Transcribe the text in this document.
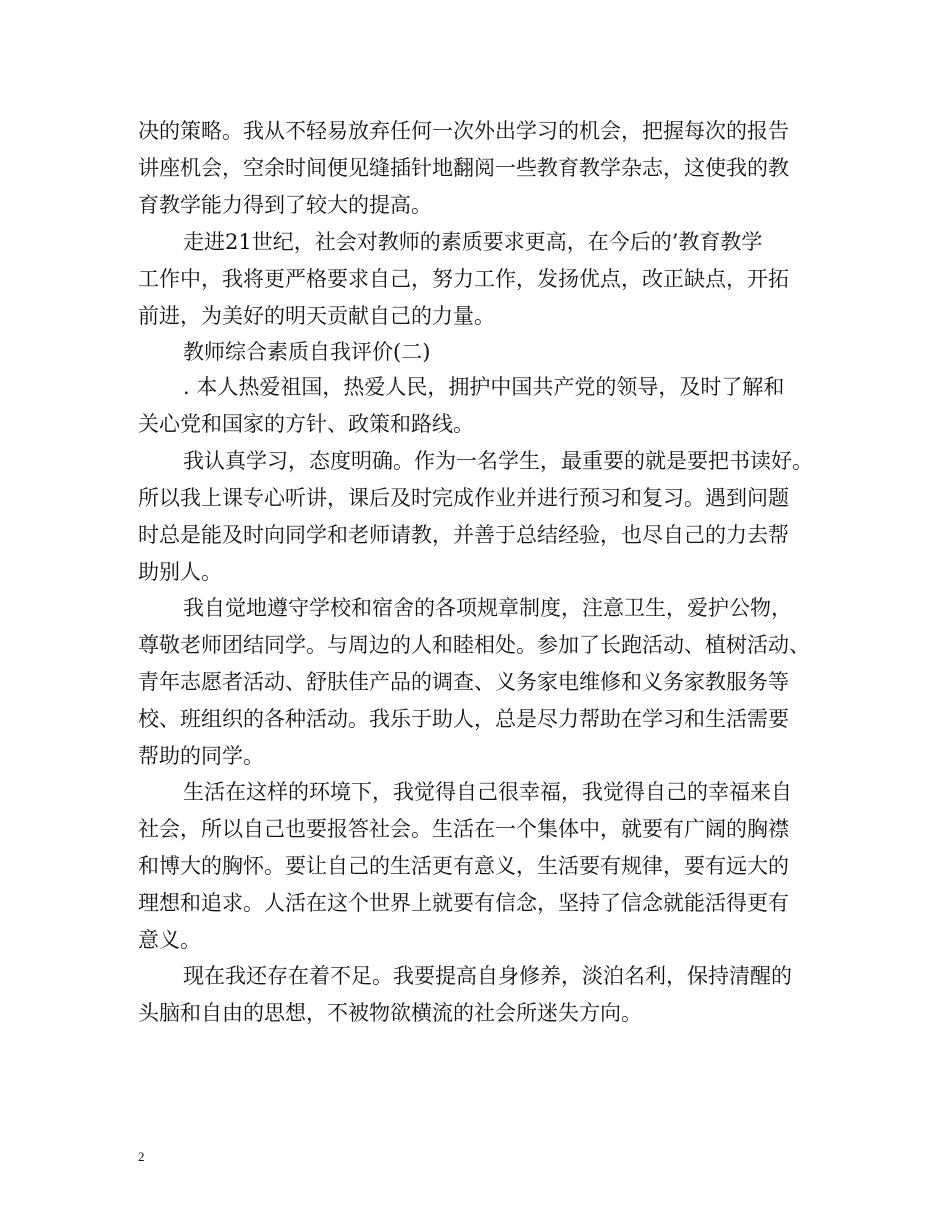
决的策略。我从不轻易放弃任何一次外出学习的机会，把握每次的报告

讲座机会，空余时间便见缝插针地翻阅一些教育教学杂志，这使我的教

育教学能力得到了较大的提高。

走进21世纪，社会对教师的素质要求更高，在今后的’教育教学

工作中，我将更严格要求自己，努力工作，发扬优点，改正缺点，开拓

前进，为美好的明天贡献自己的力量。

教师综合素质自我评价(二)

. 本人热爱祖国，热爱人民，拥护中国共产党的领导，及时了解和

关心党和国家的方针、政策和路线。

我认真学习，态度明确。作为一名学生，最重要的就是要把书读好。

所以我上课专心听讲，课后及时完成作业并进行预习和复习。遇到问题

时总是能及时向同学和老师请教，并善于总结经验，也尽自己的力去帮

助别人。

我自觉地遵守学校和宿舍的各项规章制度，注意卫生，爱护公物，

尊敬老师团结同学。与周边的人和睦相处。参加了长跑活动、植树活动、

青年志愿者活动、舒肤佳产品的调查、义务家电维修和义务家教服务等

校、班组织的各种活动。我乐于助人，总是尽力帮助在学习和生活需要

帮助的同学。

生活在这样的环境下，我觉得自己很幸福，我觉得自己的幸福来自

社会，所以自己也要报答社会。生活在一个集体中，就要有广阔的胸襟

和博大的胸怀。要让自己的生活更有意义，生活要有规律，要有远大的

理想和追求。人活在这个世界上就要有信念，坚持了信念就能活得更有

意义。

现在我还存在着不足。我要提高自身修养，淡泊名利，保持清醒的

头脑和自由的思想，不被物欲横流的社会所迷失方向。

2
